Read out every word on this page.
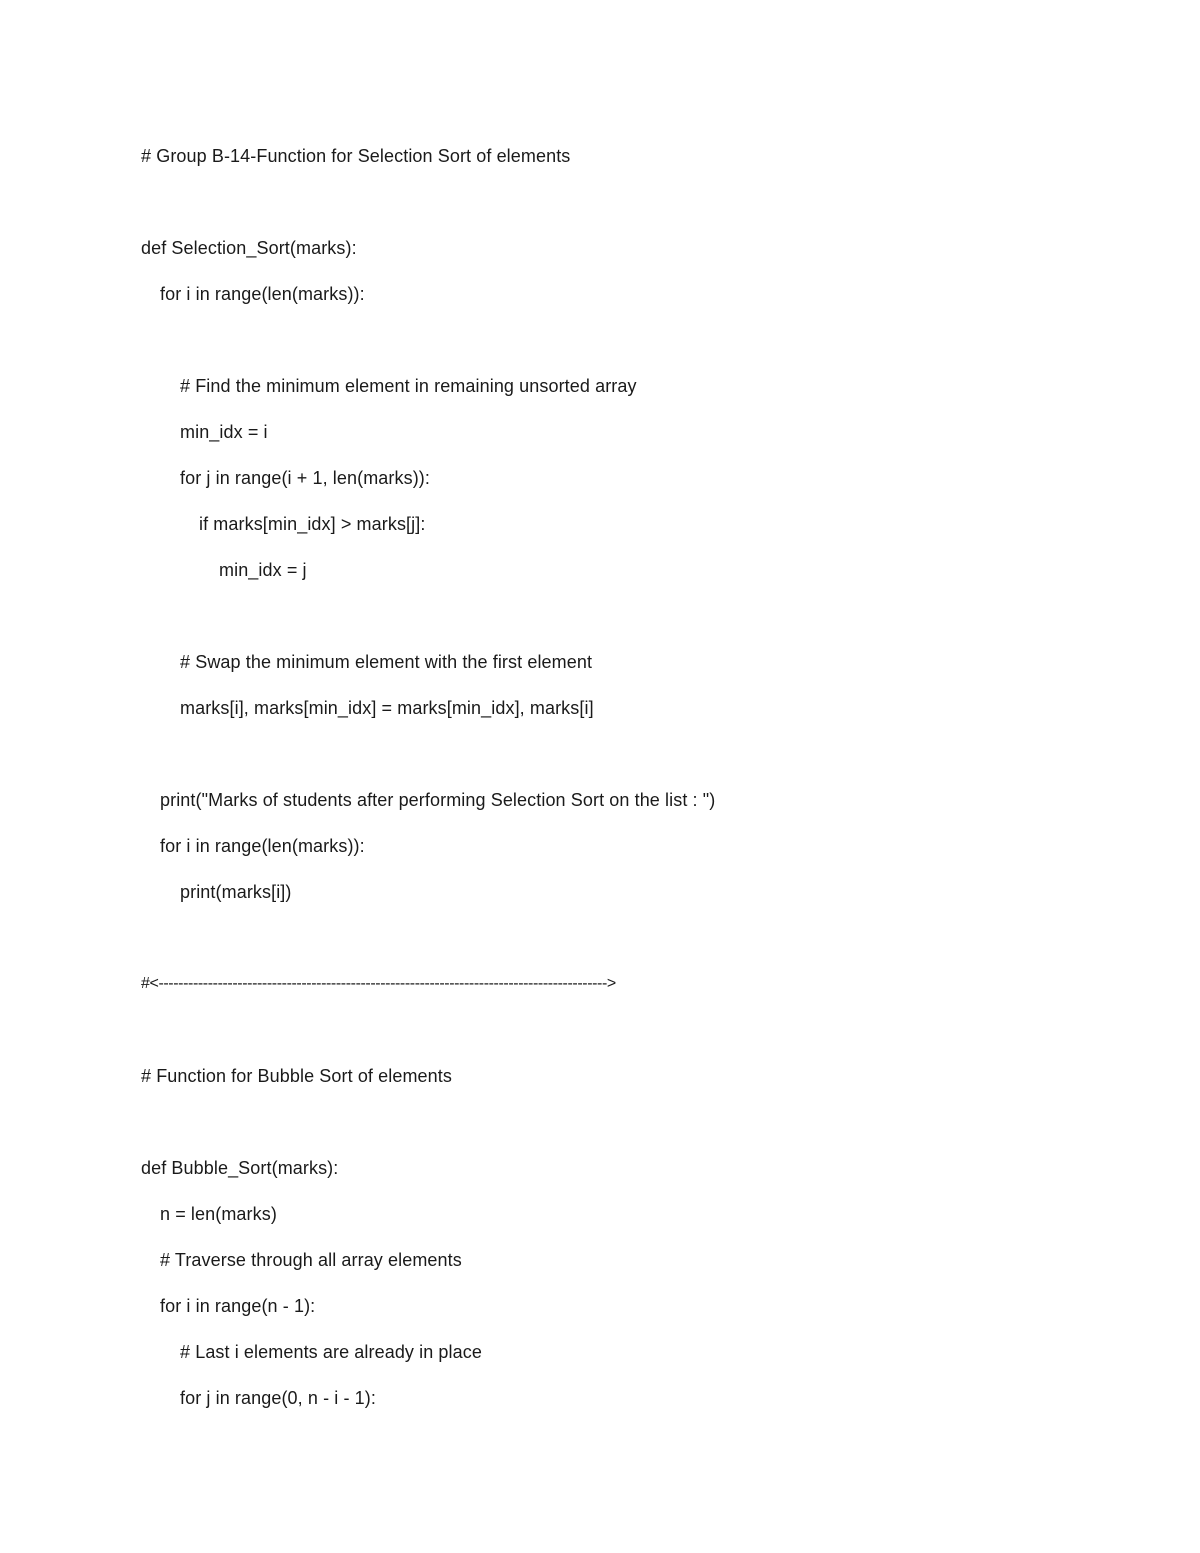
# Group B-14-Function for Selection Sort of elements
def Selection_Sort(marks):
for i in range(len(marks)):
# Find the minimum element in remaining unsorted array
min_idx = i
for j in range(i + 1, len(marks)):
if marks[min_idx] > marks[j]:
min_idx = j
# Swap the minimum element with the first element
marks[i], marks[min_idx] = marks[min_idx], marks[i]
print("Marks of students after performing Selection Sort on the list : ")
for i in range(len(marks)):
print(marks[i])
#<------------------------------------------------------------------------------------------->
# Function for Bubble Sort of elements
def Bubble_Sort(marks):
n = len(marks)
# Traverse through all array elements
for i in range(n - 1):
# Last i elements are already in place
for j in range(0, n - i - 1):
